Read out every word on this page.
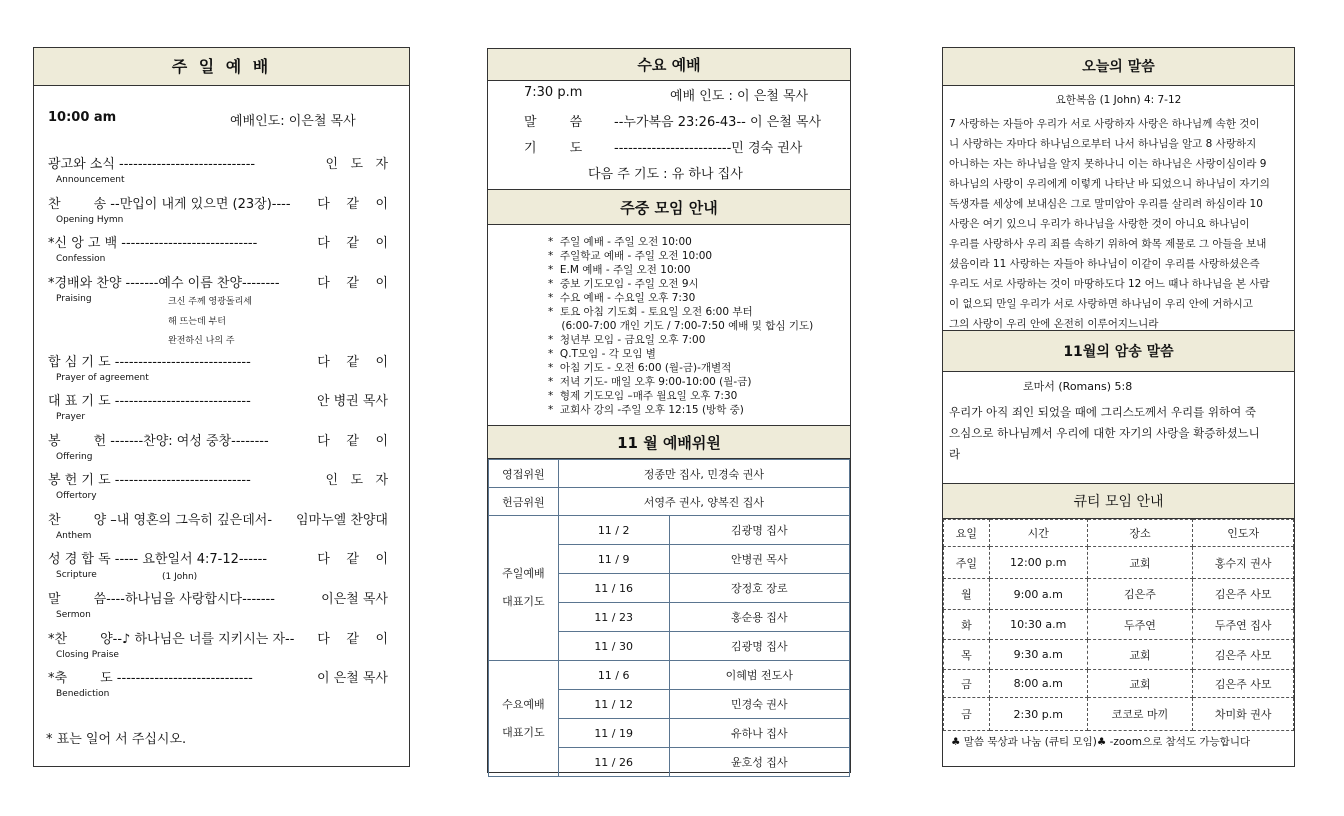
주 일 예 배
10:00 am	예배인도: 이은철 목사
광고와 소식 -----------------------------	인   도   자
Announcement
찬        송 --만입이 내게 있으면 (23장)---- 다    같    이
Opening Hymn
*신 앙 고 백 -----------------------------	다    같    이
Confession
*경배와 찬양 -------예수 이름 찬양--------	다    같    이
Praising	크신 주께 영광돌리세
해 뜨는데 부터
완전하신 나의 주
합 심 기 도 -----------------------------	다    같    이
Prayer of agreement
대 표 기 도 -----------------------------	안 병권 목사
Prayer
봉        헌 -------찬양: 여성 중창--------	다    같    이
Offering
봉 헌 기 도 -----------------------------	인   도   자
Offertory
찬        양 –내 영혼의 그윽히 깊은데서- 임마누엘 찬양대
Anthem
성 경 합 독 ----- 요한일서 4:7-12------	다    같    이
Scripture	(1 John)
말        씀----하나님을 사랑합시다-------	이은철 목사
Sermon
*찬        양--♪ 하나님은 너를 지키시는 자-- 다    같    이
Closing Praise
*축        도 -----------------------------	이 은철 목사
Benediction
* 표는 일어 서 주십시오.
수요 예배
7:30 p.m	예배 인도 : 이 은철 목사
말        씀 --누가복음 23:26-43-- 이 은철 목사
기        도 -------------------------민 경숙 권사
다음 주 기도 : 유 하나 집사
주중 모임 안내
*  주일 예배 - 주일 오전 10:00
*  주일학교 예배 - 주일 오전 10:00
*  E.M 예배 - 주일 오전 10:00
*  중보 기도모임 - 주일 오전 9시
*  수요 예배 - 수요일 오후 7:30
*  토요 아침 기도회 - 토요일 오전 6:00 부터
(6:00-7:00 개인 기도 / 7:00-7:50 예배 및 합심 기도)
*  청년부 모임 - 금요일 오후 7:00
*  Q.T모임 - 각 모임 별
*  아침 기도 - 오전 6:00 (월-금)-개별적
*  저녁 기도- 매일 오후 9:00-10:00 (월-금)
*  형제 기도모임 –매주 월요일 오후 7:30
*  교회사 강의 -주일 오후 12:15 (방학 중)
11 월 예배위원
영접위원	정종만 집사, 민경숙 권사	
헌금위원	서영주 권사, 양복진 집사	

주일예배
대표기도	11 / 2	김광명 집사
	11 / 9	안병권 목사
	11 / 16	장정호 장로
	11 / 23	홍순용 집사
	11 / 30	김광명 집사

수요예배
대표기도	11 / 6	이혜범 전도사
	11 / 12	민경숙 권사
	11 / 19	유하나 집사
	11 / 26	윤호성 집사
오늘의 말씀
요한복음 (1 John) 4: 7-12
7 사랑하는 자들아 우리가 서로 사랑하자 사랑은 하나님께 속한 것이
니 사랑하는 자마다 하나님으로부터 나서 하나님을 알고 8 사랑하지
아니하는 자는 하나님을 알지 못하나니 이는 하나님은 사랑이심이라 9
하나님의 사랑이 우리에게 이렇게 나타난 바 되었으니 하나님이 자기의
독생자를 세상에 보내심은 그로 말미암아 우리를 살리려 하심이라 10
사랑은 여기 있으니 우리가 하나님을 사랑한 것이 아니요 하나님이
우리를 사랑하사 우리 죄를 속하기 위하여 화목 제물로 그 아들을 보내
셨음이라 11 사랑하는 자들아 하나님이 이같이 우리를 사랑하셨은즉
우리도 서로 사랑하는 것이 마땅하도다 12 어느 때나 하나님을 본 사람
이 없으되 만일 우리가 서로 사랑하면 하나님이 우리 안에 거하시고
그의 사랑이 우리 안에 온전히 이루어지느니라
11월의 암송 말씀
로마서 (Romans) 5:8
우리가 아직 죄인 되었을 때에 그리스도께서 우리를 위하여 죽
으심으로 하나님께서 우리에 대한 자기의 사랑을 확증하셨느니
라
큐티 모임 안내
요일	시간	장소	인도자
주일	12:00 p.m	교회	홍수지 권사
월	9:00 a.m	김은주	김은주 사모
화	10:30 a.m	두주연	두주연 집사
목	9:30 a.m	교회	김은주 사모
금	8:00 a.m	교회	김은주 사모
금	2:30 p.m	코코로 마끼	차미화 권사
♣ 말씀 묵상과 나눔 (큐티 모임)♣ -zoom으로 참석도 가능합니다
